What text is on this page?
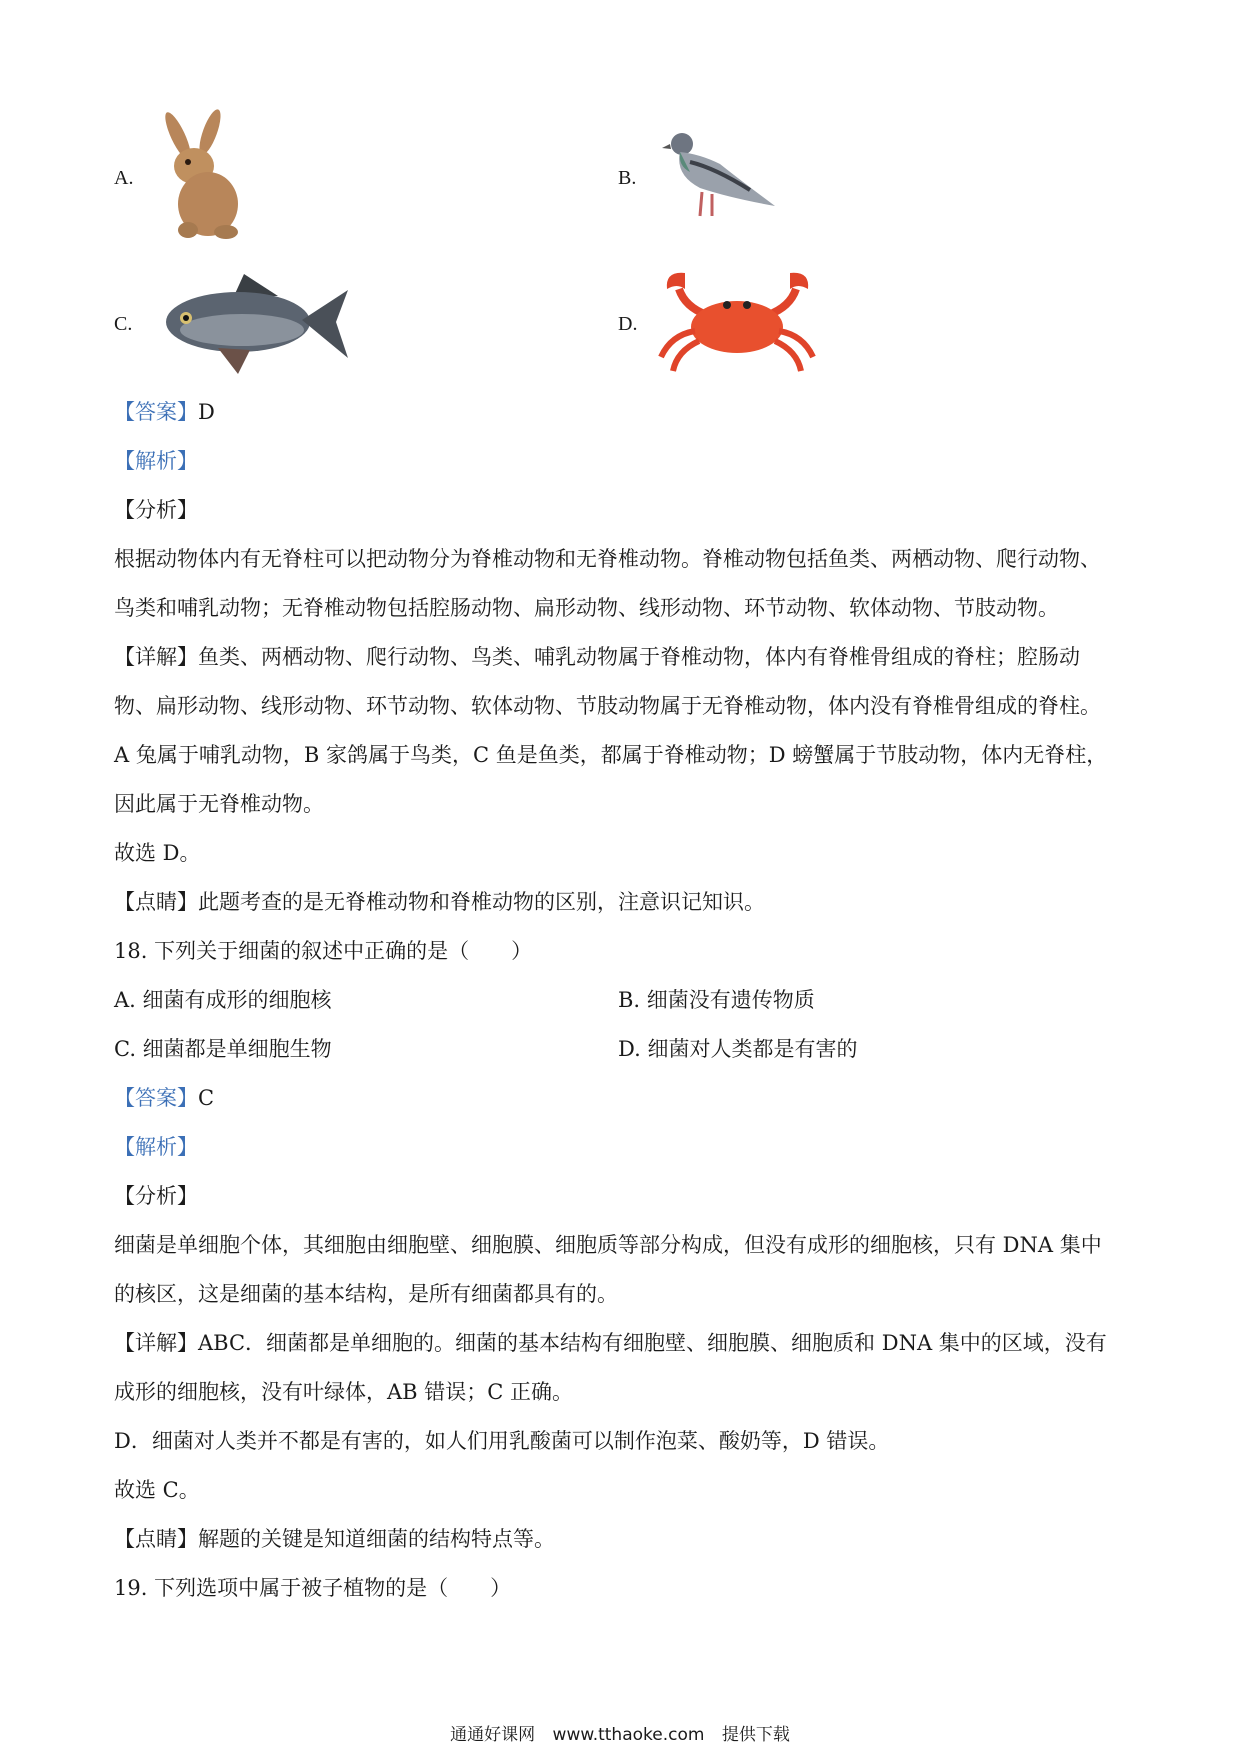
A.	B.
C.	D.
【答案】D
【解析】
【分析】
根据动物体内有无脊柱可以把动物分为脊椎动物和无脊椎动物。脊椎动物包括鱼类、两栖动物、爬行动物、
鸟类和哺乳动物；无脊椎动物包括腔肠动物、扁形动物、线形动物、环节动物、软体动物、节肢动物。
【详解】鱼类、两栖动物、爬行动物、鸟类、哺乳动物属于脊椎动物，体内有脊椎骨组成的脊柱；腔肠动
物、扁形动物、线形动物、环节动物、软体动物、节肢动物属于无脊椎动物，体内没有脊椎骨组成的脊柱。
A 兔属于哺乳动物，B 家鸽属于鸟类，C 鱼是鱼类，都属于脊椎动物；D 螃蟹属于节肢动物，体内无脊柱，
因此属于无脊椎动物。
故选 D。
【点睛】此题考查的是无脊椎动物和脊椎动物的区别，注意识记知识。
18. 下列关于细菌的叙述中正确的是（　　）
A. 细菌有成形的细胞核	B. 细菌没有遗传物质
C. 细菌都是单细胞生物	D. 细菌对人类都是有害的
【答案】C
【解析】
【分析】
细菌是单细胞个体，其细胞由细胞壁、细胞膜、细胞质等部分构成，但没有成形的细胞核，只有 DNA 集中
的核区，这是细菌的基本结构，是所有细菌都具有的。
【详解】ABC．细菌都是单细胞的。细菌的基本结构有细胞壁、细胞膜、细胞质和 DNA 集中的区域，没有
成形的细胞核，没有叶绿体，AB 错误；C 正确。
D．细菌对人类并不都是有害的，如人们用乳酸菌可以制作泡菜、酸奶等，D 错误。
故选 C。
【点睛】解题的关键是知道细菌的结构特点等。
19. 下列选项中属于被子植物的是（　　）
通通好课网 www.tthaoke.com 提供下载
